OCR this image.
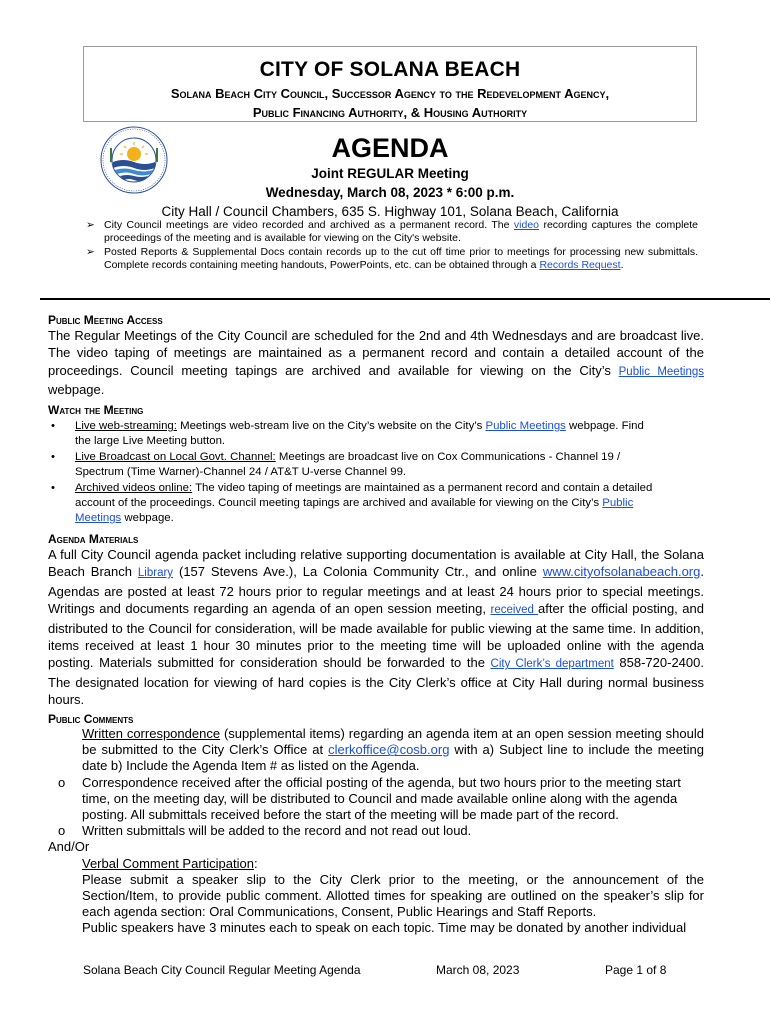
CITY OF SOLANA BEACH
Solana Beach City Council, Successor Agency to the Redevelopment Agency,
Public Financing Authority, & Housing Authority
AGENDA
Joint REGULAR Meeting
Wednesday, March 08, 2023 * 6:00 p.m.
City Hall / Council Chambers, 635 S. Highway 101, Solana Beach, California
➢ City Council meetings are video recorded and archived as a permanent record. The video recording captures the complete proceedings of the meeting and is available for viewing on the City's website.
➢ Posted Reports & Supplemental Docs contain records up to the cut off time prior to meetings for processing new submittals. Complete records containing meeting handouts, PowerPoints, etc. can be obtained through a Records Request.
Public Meeting Access
The Regular Meetings of the City Council are scheduled for the 2nd and 4th Wednesdays and are broadcast live. The video taping of meetings are maintained as a permanent record and contain a detailed account of the proceedings. Council meeting tapings are archived and available for viewing on the City’s Public Meetings webpage.
Watch the Meeting
• Live web-streaming: Meetings web-stream live on the City’s website on the City’s Public Meetings webpage. Find the large Live Meeting button.
• Live Broadcast on Local Govt. Channel: Meetings are broadcast live on Cox Communications - Channel 19 / Spectrum (Time Warner)-Channel 24 / AT&T U-verse Channel 99.
• Archived videos online: The video taping of meetings are maintained as a permanent record and contain a detailed account of the proceedings. Council meeting tapings are archived and available for viewing on the City’s Public Meetings webpage.
Agenda Materials
A full City Council agenda packet including relative supporting documentation is available at City Hall, the Solana Beach Branch Library (157 Stevens Ave.), La Colonia Community Ctr., and online www.cityofsolanabeach.org. Agendas are posted at least 72 hours prior to regular meetings and at least 24 hours prior to special meetings. Writings and documents regarding an agenda of an open session meeting, received after the official posting, and distributed to the Council for consideration, will be made available for public viewing at the same time. In addition, items received at least 1 hour 30 minutes prior to the meeting time will be uploaded online with the agenda posting. Materials submitted for consideration should be forwarded to the City Clerk’s department 858-720-2400. The designated location for viewing of hard copies is the City Clerk’s office at City Hall during normal business hours.
Public Comments
Written correspondence (supplemental items) regarding an agenda item at an open session meeting should be submitted to the City Clerk’s Office at clerkoffice@cosb.org with a) Subject line to include the meeting date b) Include the Agenda Item # as listed on the Agenda.
o Correspondence received after the official posting of the agenda, but two hours prior to the meeting start time, on the meeting day, will be distributed to Council and made available online along with the agenda posting. All submittals received before the start of the meeting will be made part of the record.
o Written submittals will be added to the record and not read out loud.
And/Or
Verbal Comment Participation:
Please submit a speaker slip to the City Clerk prior to the meeting, or the announcement of the Section/Item, to provide public comment. Allotted times for speaking are outlined on the speaker’s slip for each agenda section: Oral Communications, Consent, Public Hearings and Staff Reports.
Public speakers have 3 minutes each to speak on each topic. Time may be donated by another individual
Solana Beach City Council Regular Meeting Agenda	March 08, 2023	Page 1 of 8
